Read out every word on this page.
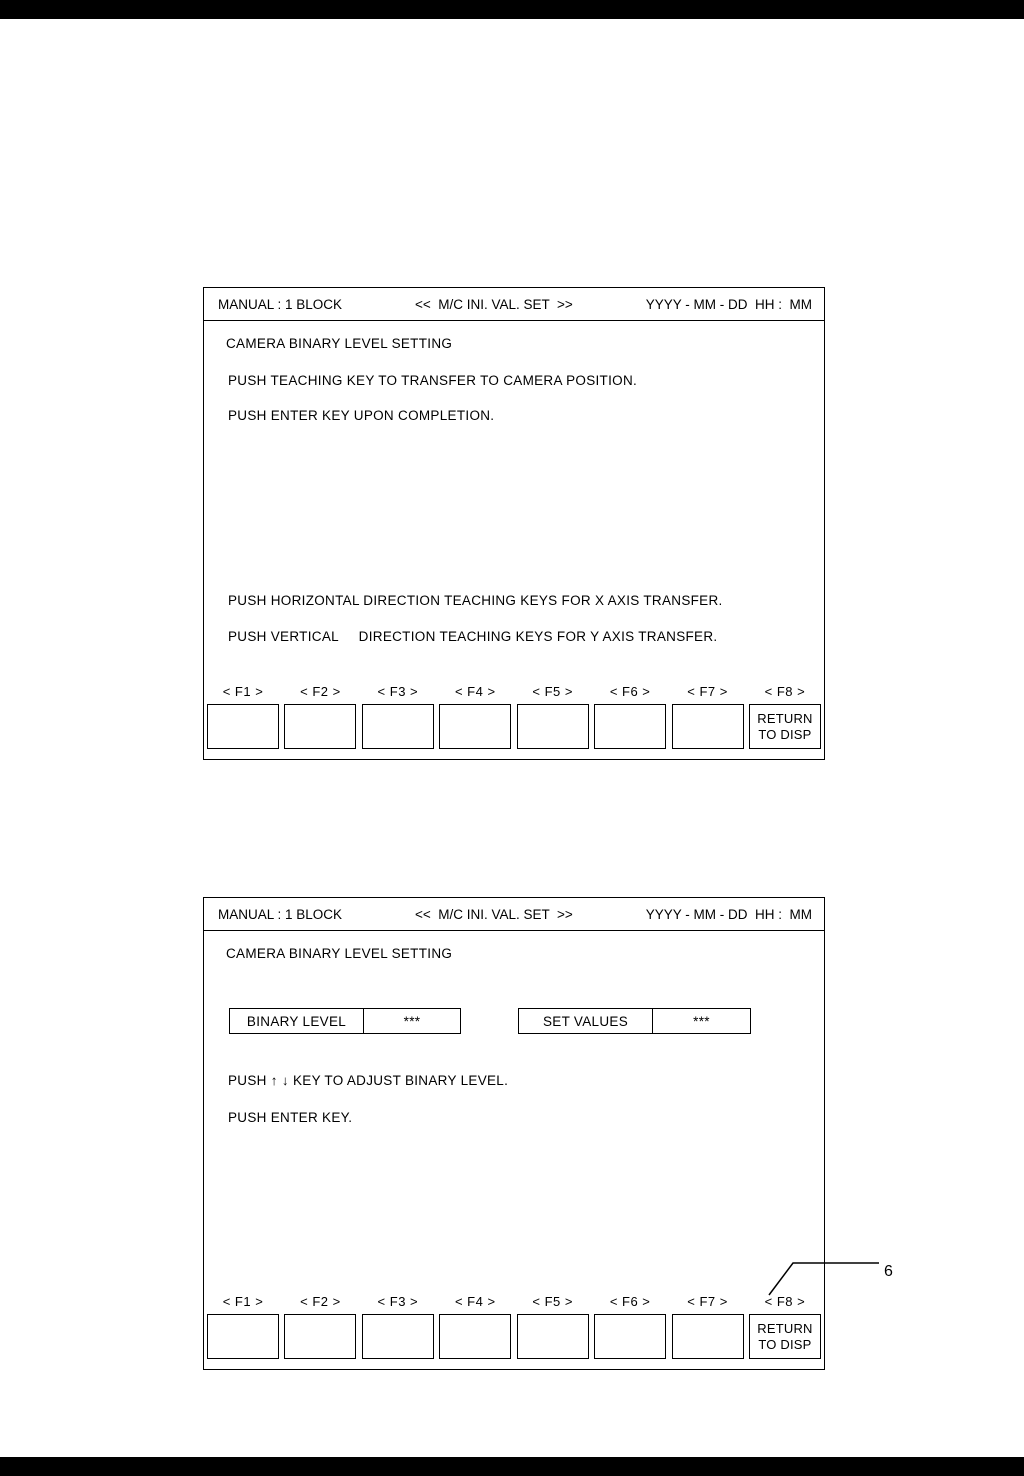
MANUAL : 1 BLOCK	<<  M/C INI. VAL. SET  >>	YYYY - MM - DD  HH :  MM
CAMERA BINARY LEVEL SETTING
PUSH TEACHING KEY TO TRANSFER TO CAMERA POSITION.
PUSH ENTER KEY UPON COMPLETION.
PUSH HORIZONTAL DIRECTION TEACHING KEYS FOR X AXIS TRANSFER.
PUSH VERTICAL     DIRECTION TEACHING KEYS FOR Y AXIS TRANSFER.
< F1 >	< F2 >	< F3 >	< F4 >	< F5 >	< F6 >	< F7 >	< F8 >
RETURN
TO DISP
MANUAL : 1 BLOCK	<<  M/C INI. VAL. SET  >>	YYYY - MM - DD  HH :  MM
CAMERA BINARY LEVEL SETTING
BINARY LEVEL	***	SET VALUES	***
PUSH ↑ ↓ KEY TO ADJUST BINARY LEVEL.
PUSH ENTER KEY.
< F1 >	< F2 >	< F3 >	< F4 >	< F5 >	< F6 >	< F7 >	< F8 >
RETURN
TO DISP
6
